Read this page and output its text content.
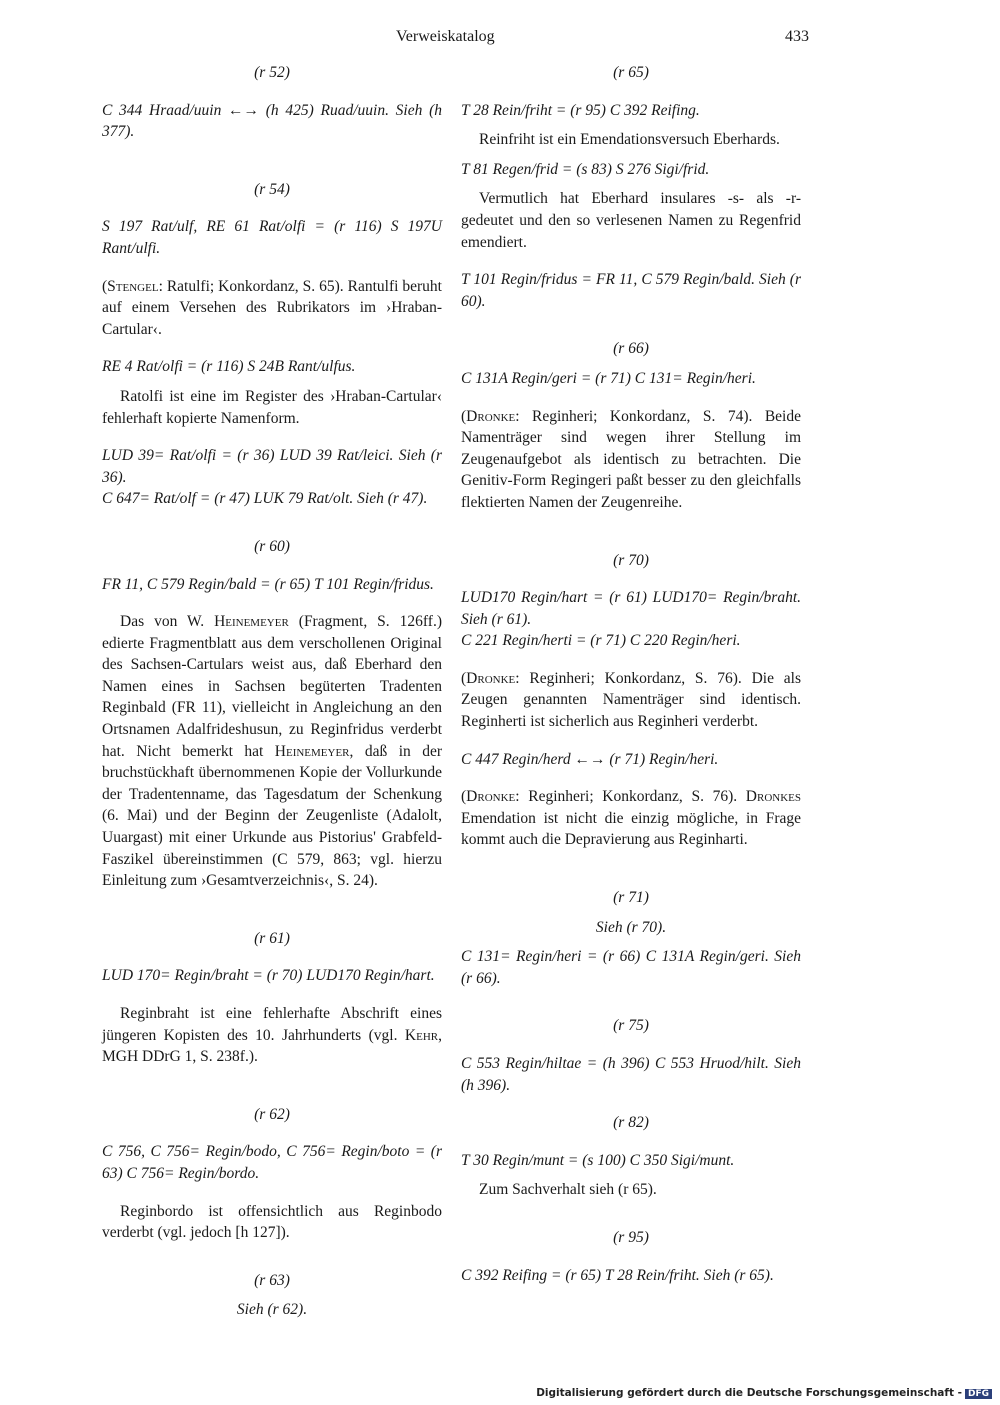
Verweiskatalog	433

(r 52)

C 344 Hraad/uuin ←→ (h 425) Ruad/uuin. Sieh (h 377).

(r 54)

S 197 Rat/ulf, RE 61 Rat/olfi = (r 116) S 197U Rant/ulfi.

(Stengel: Ratulfi; Konkordanz, S. 65). Rantulfi beruht auf einem Versehen des Rubrikators im ›Hraban-Cartular‹.

RE 4 Rat/olfi = (r 116) S 24B Rant/ulfus.

Ratolfi ist eine im Register des ›Hraban-Cartular‹ fehlerhaft kopierte Namenform.

LUD 39= Rat/olfi = (r 36) LUD 39 Rat/leici. Sieh (r 36).

C 647= Rat/olf = (r 47) LUK 79 Rat/olt. Sieh (r 47).

(r 60)

FR 11, C 579 Regin/bald = (r 65) T 101 Regin/fridus.

Das von W. Heinemeyer (Fragment, S. 126ff.) edierte Fragmentblatt aus dem verschollenen Original des Sachsen-Cartulars weist aus, daß Eberhard den Namen eines in Sachsen begüterten Tradenten Reginbald (FR 11), vielleicht in Angleichung an den Ortsnamen Adalfrideshusun, zu Reginfridus verderbt hat. Nicht bemerkt hat Heinemeyer, daß in der bruchstückhaft übernommenen Kopie der Vollurkunde der Tradentenname, das Tagesdatum der Schenkung (6. Mai) und der Beginn der Zeugenliste (Adalolt, Uuargast) mit einer Urkunde aus Pistorius' Grabfeld-Faszikel übereinstimmen (C 579, 863; vgl. hierzu Einleitung zum ›Gesamtverzeichnis‹, S. 24).

(r 61)

LUD 170= Regin/braht = (r 70) LUD170 Regin/hart.

Reginbraht ist eine fehlerhafte Abschrift eines jüngeren Kopisten des 10. Jahrhunderts (vgl. Kehr, MGH DDrG 1, S. 238f.).

(r 62)

C 756, C 756= Regin/bodo, C 756= Regin/boto = (r 63) C 756= Regin/bordo.

Reginbordo ist offensichtlich aus Reginbodo verderbt (vgl. jedoch [h 127]).

(r 63)

Sieh (r 62).

(r 65)

T 28 Rein/friht = (r 95) C 392 Reifing.

Reinfriht ist ein Emendationsversuch Eberhards.

T 81 Regen/frid = (s 83) S 276 Sigi/frid.

Vermutlich hat Eberhard insulares -s- als -r- gedeutet und den so verlesenen Namen zu Regenfrid emendiert.

T 101 Regin/fridus = FR 11, C 579 Regin/bald. Sieh (r 60).

(r 66)

C 131A Regin/geri = (r 71) C 131= Regin/heri.

(Dronke: Reginheri; Konkordanz, S. 74). Beide Namenträger sind wegen ihrer Stellung im Zeugenaufgebot als identisch zu betrachten. Die Genitiv-Form Regingeri paßt besser zu den gleichfalls flektierten Namen der Zeugenreihe.

(r 70)

LUD170 Regin/hart = (r 61) LUD170= Regin/braht. Sieh (r 61).

C 221 Regin/herti = (r 71) C 220 Regin/heri.

(Dronke: Reginheri; Konkordanz, S. 76). Die als Zeugen genannten Namenträger sind identisch. Reginherti ist sicherlich aus Reginheri verderbt.

C 447 Regin/herd ←→ (r 71) Regin/heri.

(Dronke: Reginheri; Konkordanz, S. 76). Dronkes Emendation ist nicht die einzig mögliche, in Frage kommt auch die Depravierung aus Reginharti.

(r 71)

Sieh (r 70).

C 131= Regin/heri = (r 66) C 131A Regin/geri. Sieh (r 66).

(r 75)

C 553 Regin/hiltae = (h 396) C 553 Hruod/hilt. Sieh (h 396).

(r 82)

T 30 Regin/munt = (s 100) C 350 Sigi/munt.

Zum Sachverhalt sieh (r 65).

(r 95)

C 392 Reifing = (r 65) T 28 Rein/friht. Sieh (r 65).

Digitalisierung gefördert durch die Deutsche Forschungsgemeinschaft - DFG
